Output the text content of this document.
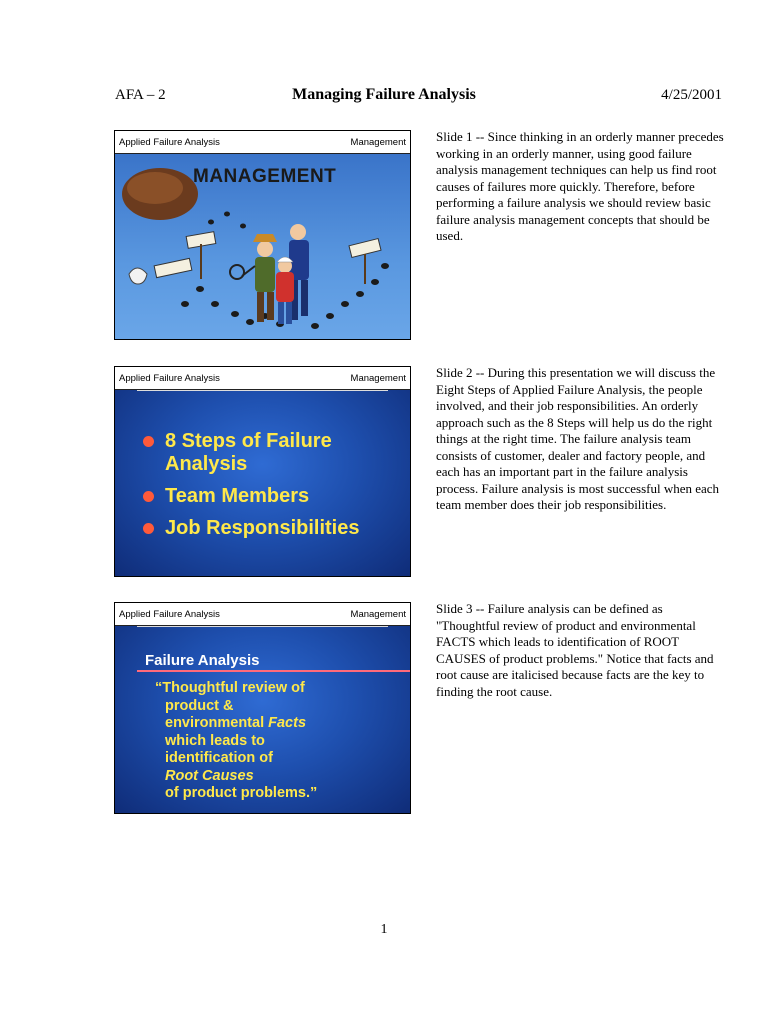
AFA – 2	Managing Failure Analysis	4/25/2001
Applied Failure Analysis	Management
MANAGEMENT
Applied Failure Analysis	Management
8 Steps of Failure Analysis
Team Members
Job Responsibilities
Applied Failure Analysis	Management
Failure Analysis
“Thoughtful review of
product &
environmental Facts
which leads to
identification of
Root Causes
of product problems.”
Slide 1 -- Since thinking in an orderly manner precedes working in an orderly manner, using good failure analysis management techniques can help us find root causes of failures more quickly. Therefore, before performing a failure analysis we should review basic failure analysis management concepts that should be used.
Slide 2 -- During this presentation we will discuss the Eight Steps of Applied Failure Analysis, the people involved, and their job responsibilities. An orderly approach such as the 8 Steps will help us do the right things at the right time. The failure analysis team consists of customer, dealer and factory people, and each has an important part in the failure analysis process. Failure analysis is most successful when each team member does their job responsibilities.
Slide 3 -- Failure analysis can be defined as "Thoughtful review of product and environmental FACTS which leads to identification of ROOT CAUSES of product problems." Notice that facts and root cause are italicised because facts are the key to finding the root cause.
1
